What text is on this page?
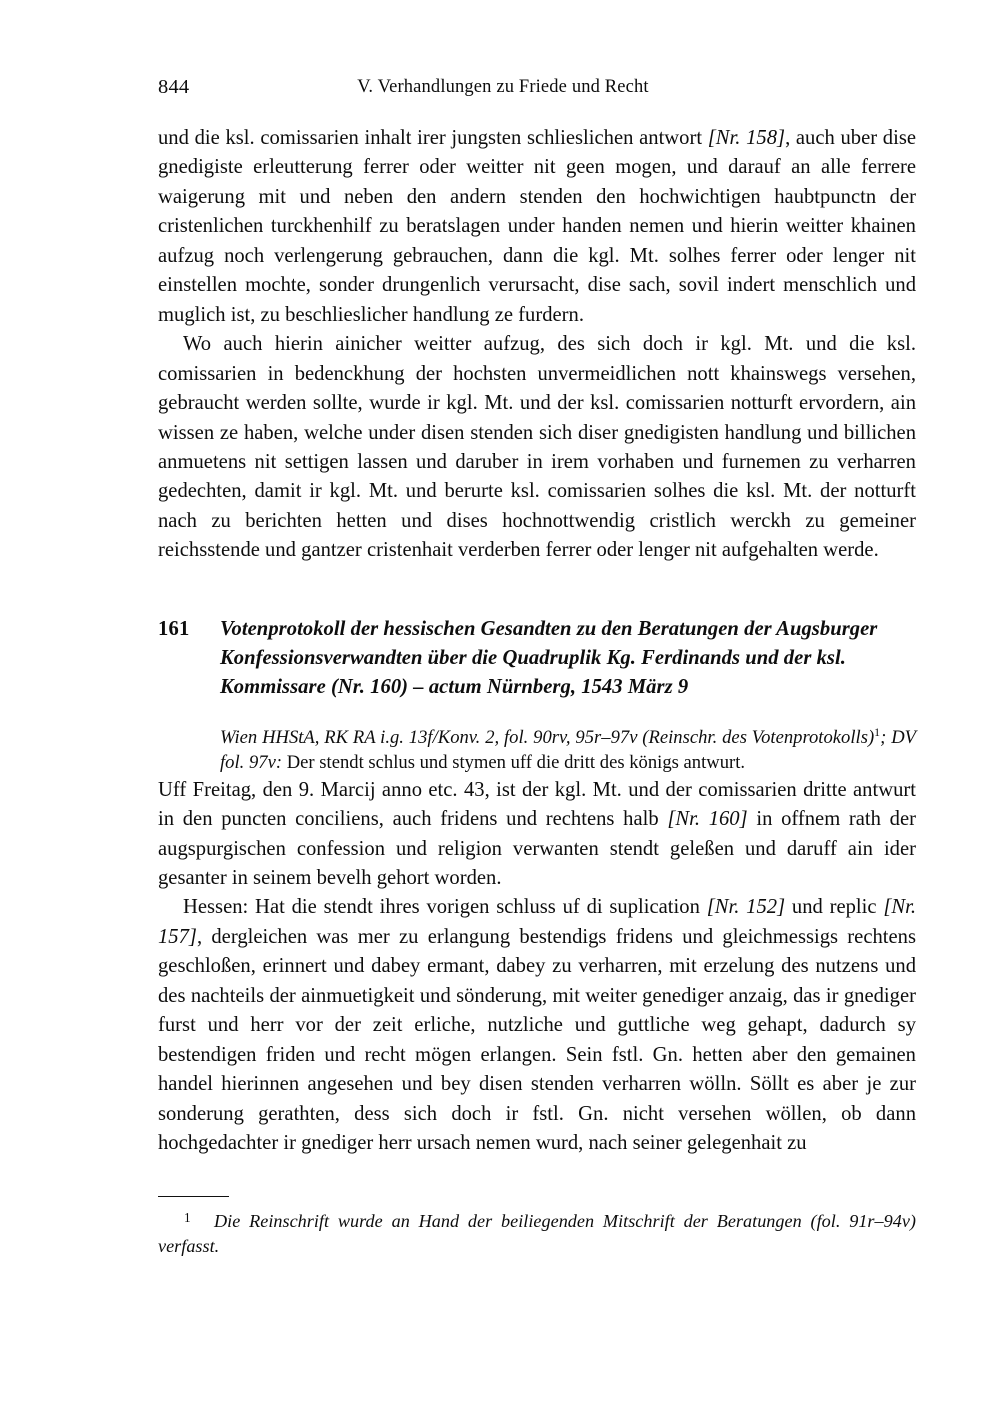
844	V. Verhandlungen zu Friede und Recht

und die ksl. comissarien inhalt irer jungsten schlieslichen antwort [Nr. 158], auch uber dise gnedigiste erleutterung ferrer oder weitter nit geen mogen, und darauf an alle ferrere waigerung mit und neben den andern stenden den hochwichtigen haubtpunctn der cristenlichen turckhenhilf zu beratslagen under handen nemen und hierin weitter khainen aufzug noch verlengerung gebrauchen, dann die kgl. Mt. solhes ferrer oder lenger nit einstellen mochte, sonder drungenlich verursacht, dise sach, sovil indert menschlich und muglich ist, zu beschlieslicher handlung ze furdern.

Wo auch hierin ainicher weitter aufzug, des sich doch ir kgl. Mt. und die ksl. comissarien in bedenckhung der hochsten unvermeidlichen nott khainswegs versehen, gebraucht werden sollte, wurde ir kgl. Mt. und der ksl. comissarien notturft ervordern, ain wissen ze haben, welche under disen stenden sich diser gnedigisten handlung und billichen anmuetens nit settigen lassen und daruber in irem vorhaben und furnemen zu verharren gedechten, damit ir kgl. Mt. und berurte ksl. comissarien solhes die ksl. Mt. der notturft nach zu berichten hetten und dises hochnottwendig cristlich werckh zu gemeiner reichsstende und gantzer cristenhait verderben ferrer oder lenger nit aufgehalten werde.

161 Votenprotokoll der hessischen Gesandten zu den Beratungen der Augsburger Konfessionsverwandten über die Quadruplik Kg. Ferdinands und der ksl. Kommissare (Nr. 160) – actum Nürnberg, 1543 März 9
Wien HHStA, RK RA i.g. 13f/Konv. 2, fol. 90rv, 95r–97v (Reinschr. des Votenprotokolls)$^1$; DV fol. 97v: Der stendt schlus und stymen uff die dritt des königs antwurt.

Uff Freitag, den 9. Marcij anno etc. 43, ist der kgl. Mt. und der comissarien dritte antwurt in den puncten conciliens, auch fridens und rechtens halb [Nr. 160] in offnem rath der augspurgischen confession und religion verwanten stendt geleßen und daruff ain ider gesanter in seinem bevelh gehort worden.

Hessen: Hat die stendt ihres vorigen schluss uf di suplication [Nr. 152] und replic [Nr. 157], dergleichen was mer zu erlangung bestendigs fridens und gleichmessigs rechtens geschloßen, erinnert und dabey ermant, dabey zu verharren, mit erzelung des nutzens und des nachteils der ainmuetigkeit und sönderung, mit weiter genediger anzaig, das ir gnediger furst und herr vor der zeit erliche, nutzliche und guttliche weg gehapt, dadurch sy bestendigen friden und recht mögen erlangen. Sein fstl. Gn. hetten aber den gemainen handel hierinnen angesehen und bey disen stenden verharren wölln. Söllt es aber je zur sonderung gerathten, dess sich doch ir fstl. Gn. nicht versehen wöllen, ob dann hochgedachter ir gnediger herr ursach nemen wurd, nach seiner gelegenhait zu

1 Die Reinschrift wurde an Hand der beiliegenden Mitschrift der Beratungen (fol. 91r–94v) verfasst.
